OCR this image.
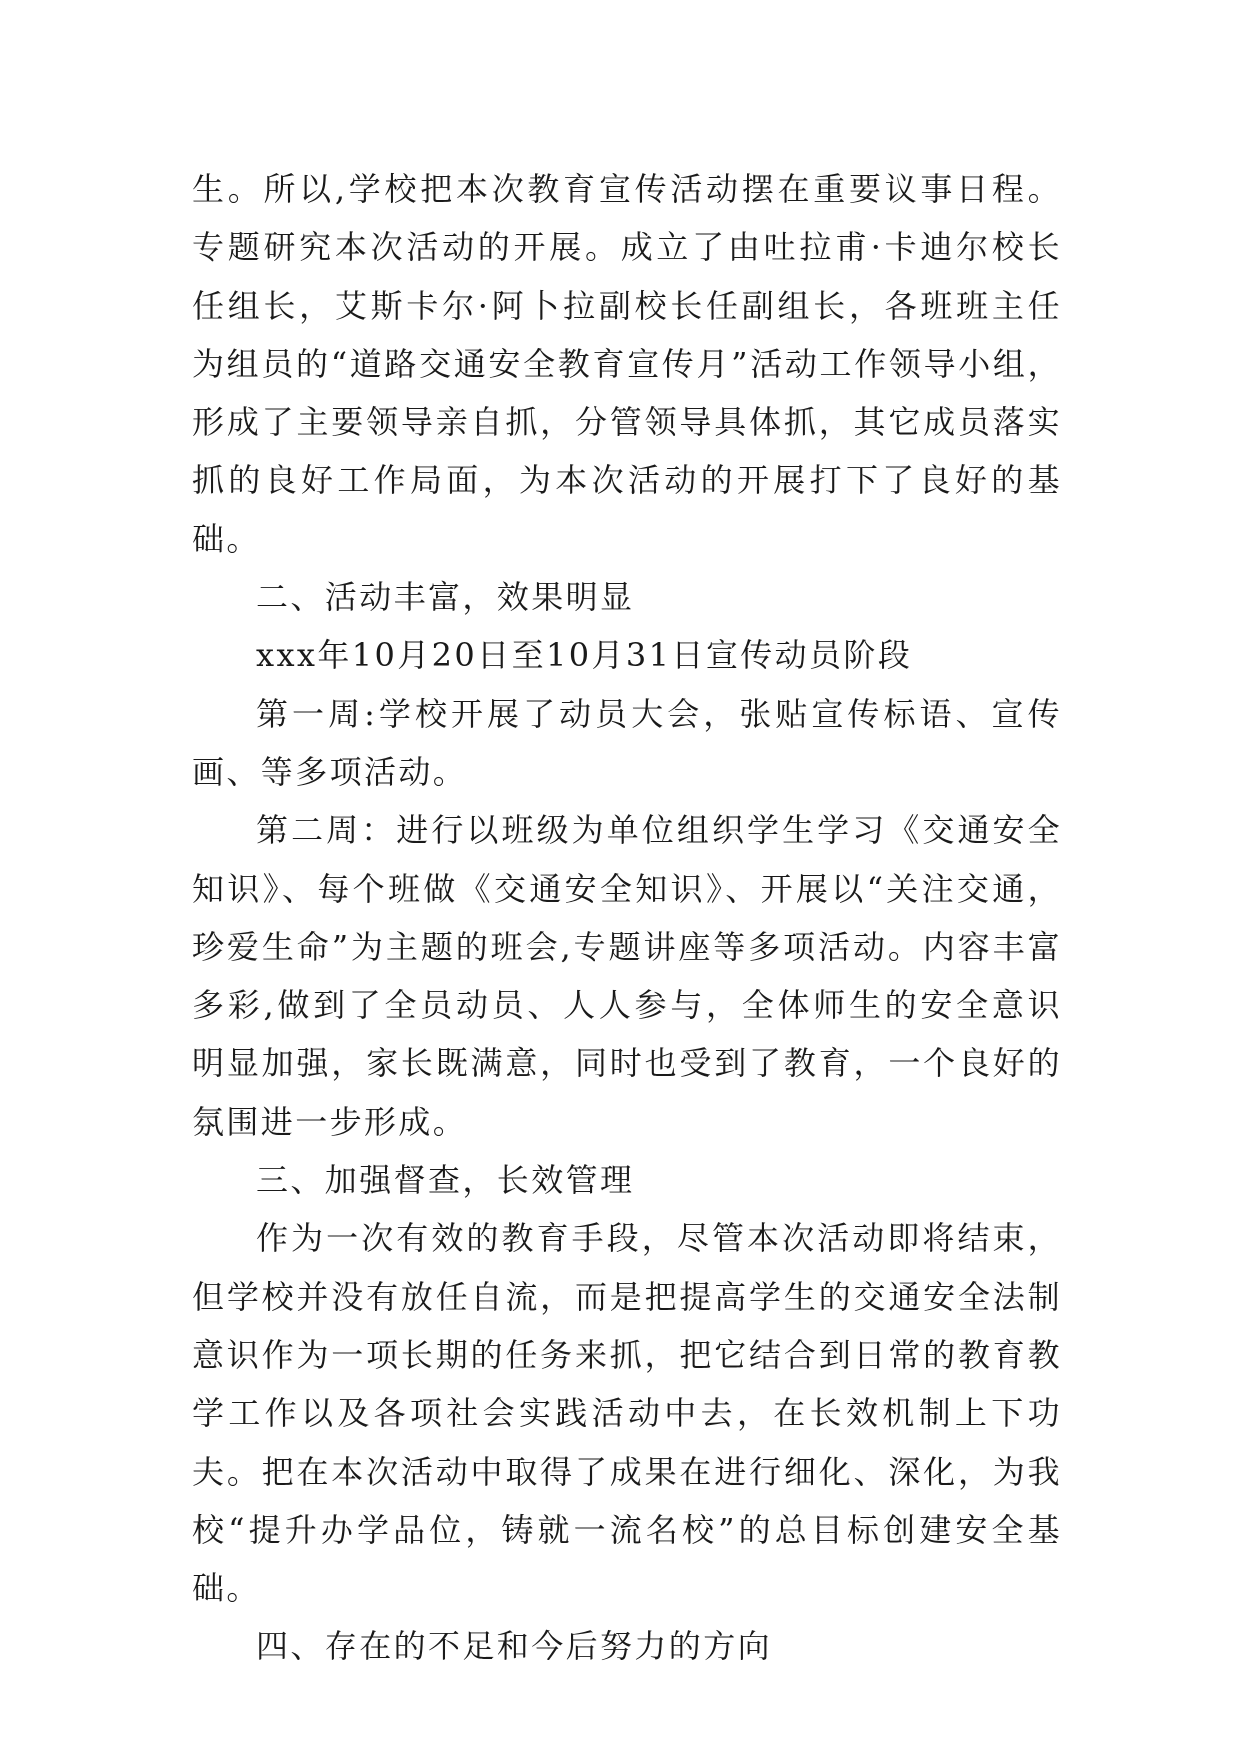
生。所以,学校把本次教育宣传活动摆在重要议事日程。专题研究本次活动的开展。成立了由吐拉甫·卡迪尔校长任组长，艾斯卡尔·阿卜拉副校长任副组长，各班班主任为组员的“道路交通安全教育宣传月”活动工作领导小组，形成了主要领导亲自抓，分管领导具体抓，其它成员落实抓的良好工作局面，为本次活动的开展打下了良好的基础。

二、活动丰富，效果明显

xxx年10月20日至10月31日宣传动员阶段

第一周:学校开展了动员大会，张贴宣传标语、宣传画、等多项活动。

第二周：进行以班级为单位组织学生学习《交通安全知识》、每个班做《交通安全知识》、开展以“关注交通，珍爱生命”为主题的班会,专题讲座等多项活动。内容丰富多彩,做到了全员动员、人人参与，全体师生的安全意识明显加强，家长既满意，同时也受到了教育，一个良好的氛围进一步形成。

三、加强督查，长效管理

作为一次有效的教育手段，尽管本次活动即将结束，但学校并没有放任自流，而是把提高学生的交通安全法制意识作为一项长期的任务来抓，把它结合到日常的教育教学工作以及各项社会实践活动中去，在长效机制上下功夫。把在本次活动中取得了成果在进行细化、深化，为我校“提升办学品位，铸就一流名校”的总目标创建安全基础。

四、存在的不足和今后努力的方向
